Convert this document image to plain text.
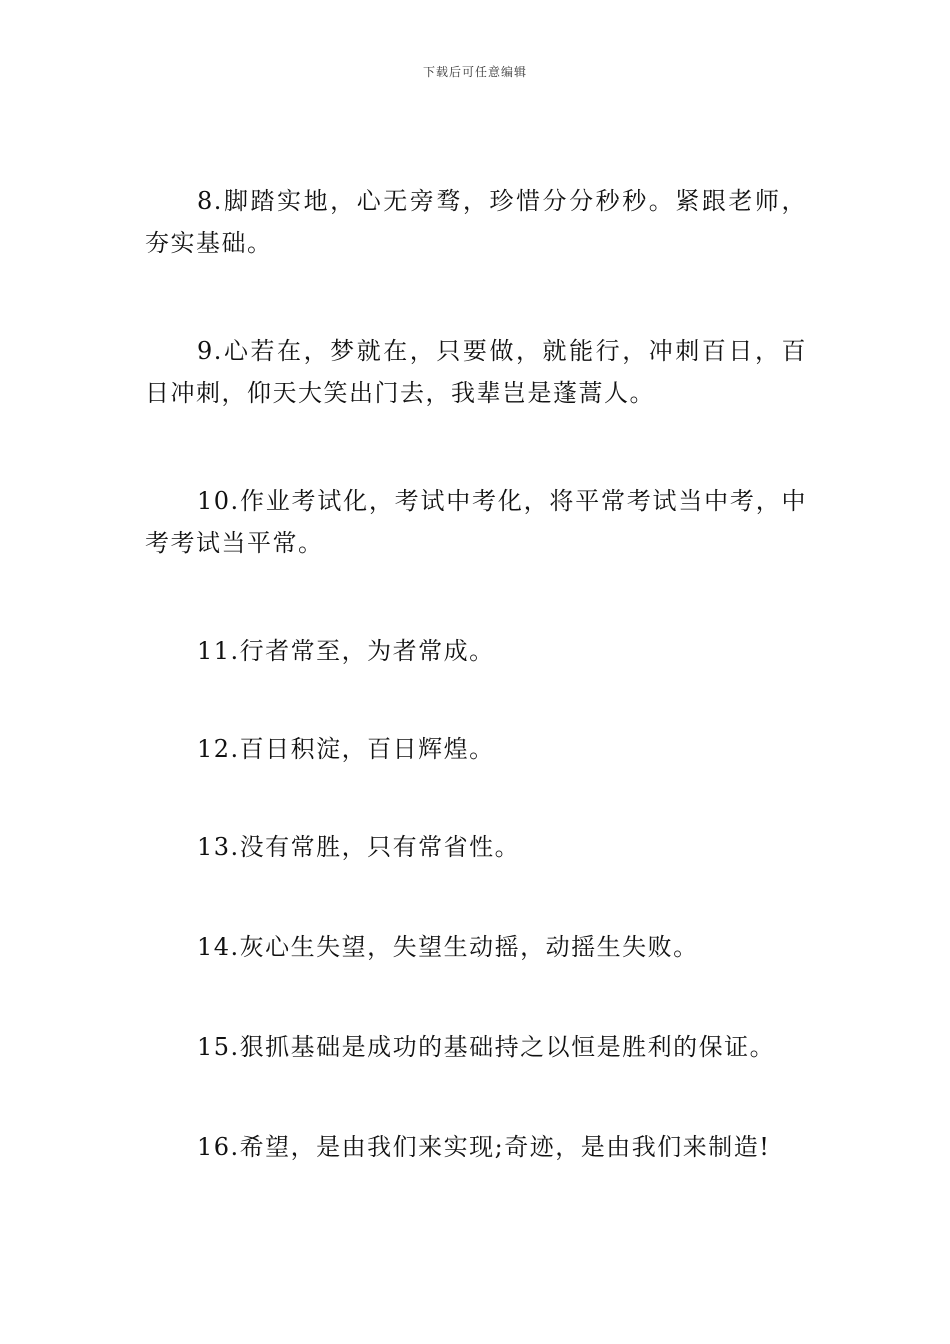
下载后可任意编辑

8.脚踏实地，心无旁骛，珍惜分分秒秒。紧跟老师，夯实基础。

9.心若在，梦就在，只要做，就能行，冲刺百日，百日冲刺，仰天大笑出门去，我辈岂是蓬蒿人。

10.作业考试化，考试中考化，将平常考试当中考，中考考试当平常。

11.行者常至，为者常成。

12.百日积淀，百日辉煌。

13.没有常胜，只有常省性。

14.灰心生失望，失望生动摇，动摇生失败。

15.狠抓基础是成功的基础持之以恒是胜利的保证。

16.希望，是由我们来实现;奇迹，是由我们来制造!
